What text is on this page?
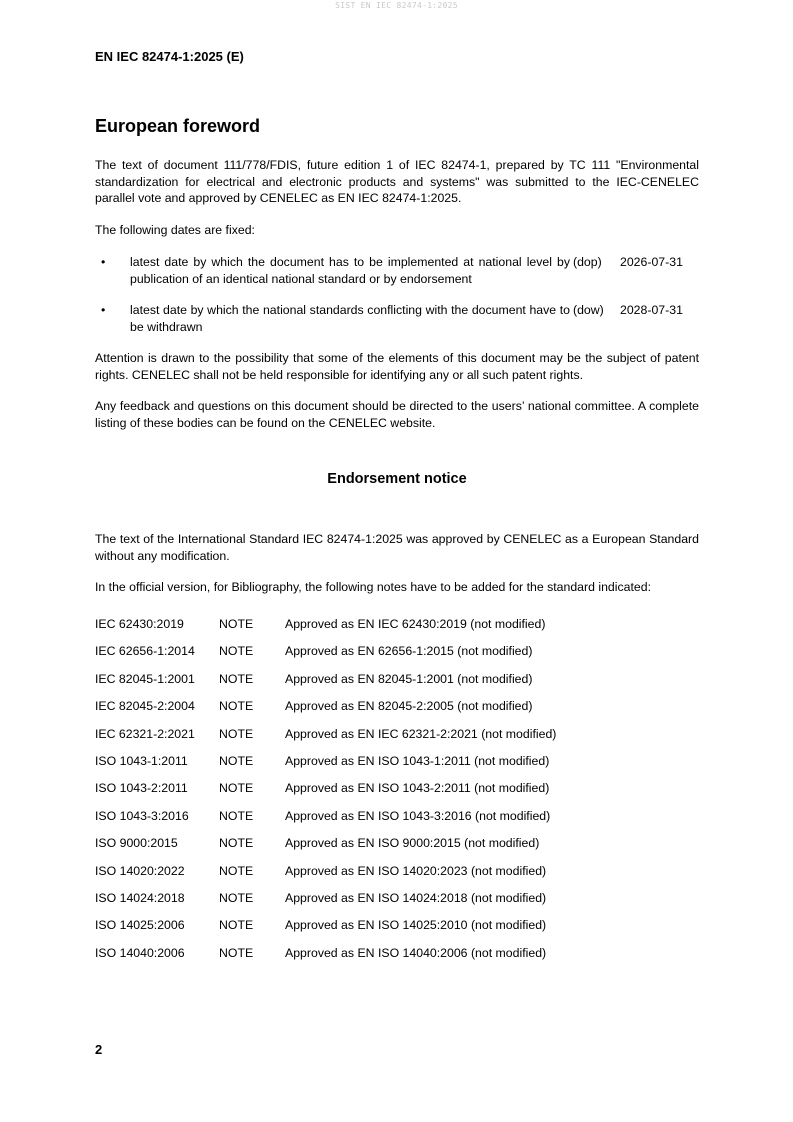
SIST EN IEC 82474-1:2025
EN IEC 82474-1:2025 (E)
European foreword
The text of document 111/778/FDIS, future edition 1 of IEC 82474-1, prepared by TC 111 "Environmental standardization for electrical and electronic products and systems" was submitted to the IEC-CENELEC parallel vote and approved by CENELEC as EN IEC 82474-1:2025.
The following dates are fixed:
• latest date by which the document has to be implemented at national level by publication of an identical national standard or by endorsement
(dop) 2026-07-31
• latest date by which the national standards conflicting with the document have to be withdrawn
(dow) 2028-07-31
Attention is drawn to the possibility that some of the elements of this document may be the subject of patent rights. CENELEC shall not be held responsible for identifying any or all such patent rights.
Any feedback and questions on this document should be directed to the users’ national committee. A complete listing of these bodies can be found on the CENELEC website.
Endorsement notice
The text of the International Standard IEC 82474-1:2025 was approved by CENELEC as a European Standard without any modification.
In the official version, for Bibliography, the following notes have to be added for the standard indicated:
IEC 62430:2019	NOTE	Approved as EN IEC 62430:2019 (not modified)
IEC 62656-1:2014 NOTE	Approved as EN 62656-1:2015 (not modified)
IEC 82045-1:2001 NOTE	Approved as EN 82045-1:2001 (not modified)
IEC 82045-2:2004 NOTE	Approved as EN 82045-2:2005 (not modified)
IEC 62321-2:2021 NOTE	Approved as EN IEC 62321-2:2021 (not modified)
ISO 1043-1:2011	NOTE	Approved as EN ISO 1043-1:2011 (not modified)
ISO 1043-2:2011	NOTE	Approved as EN ISO 1043-2:2011 (not modified)
ISO 1043-3:2016 NOTE	Approved as EN ISO 1043-3:2016 (not modified)
ISO 9000:2015	NOTE	Approved as EN ISO 9000:2015 (not modified)
ISO 14020:2022	NOTE	Approved as EN ISO 14020:2023 (not modified)
ISO 14024:2018	NOTE	Approved as EN ISO 14024:2018 (not modified)
ISO 14025:2006	NOTE	Approved as EN ISO 14025:2010 (not modified)
ISO 14040:2006	NOTE	Approved as EN ISO 14040:2006 (not modified)
2
